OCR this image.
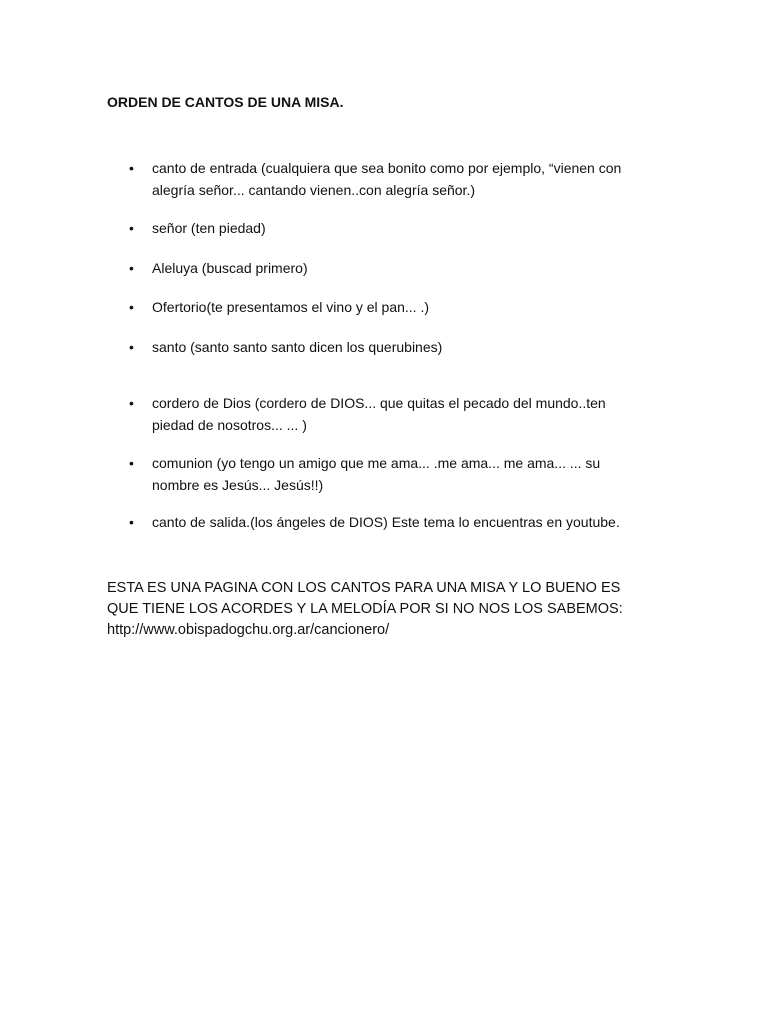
ORDEN DE CANTOS DE UNA MISA.
• canto de entrada (cualquiera que sea bonito como por ejemplo, “vienen con
alegría señor... cantando vienen..con alegría señor.)
• señor (ten piedad)
• Aleluya (buscad primero)
• Ofertorio(te presentamos el vino y el pan... .)
• santo (santo santo santo dicen los querubines)
• cordero de Dios (cordero de DIOS... que quitas el pecado del mundo..ten
piedad de nosotros... ... )
• comunion (yo tengo un amigo que me ama... .me ama... me ama... ... su
nombre es Jesús... Jesús!!)
• canto de salida.(los ángeles de DIOS) Este tema lo encuentras en youtube.

ESTA ES UNA PAGINA CON LOS CANTOS PARA UNA MISA Y LO BUENO ES
QUE TIENE LOS ACORDES Y LA MELODÍA POR SI NO NOS LOS SABEMOS:
http://www.obispadogchu.org.ar/cancionero/
